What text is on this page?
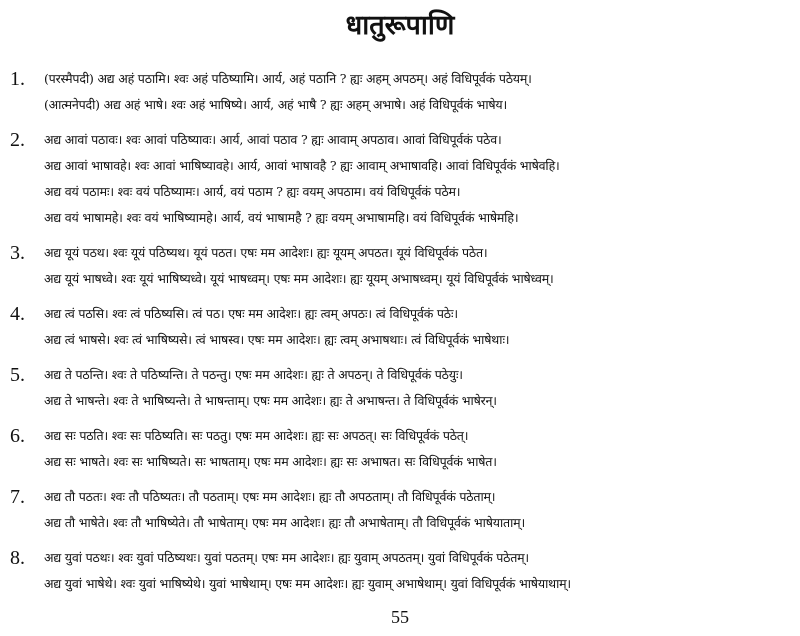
धातुरूपाणि
1.	(परस्मैपदी) अद्य अहं पठामि। श्वः अहं पठिष्यामि। आर्य, अहं पठानि ? ह्यः अहम् अपठम्। अहं विधिपूर्वकं पठेयम्।
(आत्मनेपदी) अद्य अहं भाषे। श्वः अहं भाषिष्ये। आर्य, अहं भाषै ? ह्यः अहम् अभाषे। अहं विधिपूर्वकं भाषेय।
2.	अद्य आवां पठावः। श्वः आवां पठिष्यावः। आर्य, आवां पठाव ? ह्यः आवाम् अपठाव। आवां विधिपूर्वकं पठेव।
अद्य आवां भाषावहे। श्वः आवां भाषिष्यावहे। आर्य, आवां भाषावहै ? ह्यः आवाम् अभाषावहि। आवां विधिपूर्वकं भाषेवहि।
अद्य वयं पठामः। श्वः वयं पठिष्यामः। आर्य, वयं पठाम ? ह्यः वयम् अपठाम। वयं विधिपूर्वकं पठेम।
अद्य वयं भाषामहे। श्वः वयं भाषिष्यामहे। आर्य, वयं भाषामहै ? ह्यः वयम् अभाषामहि। वयं विधिपूर्वकं भाषेमहि।
3.	अद्य यूयं पठथ। श्वः यूयं पठिष्यथ। यूयं पठत। एषः मम आदेशः। ह्यः यूयम् अपठत। यूयं विधिपूर्वकं पठेत।
अद्य यूयं भाषध्वे। श्वः यूयं भाषिष्यध्वे। यूयं भाषध्वम्। एषः मम आदेशः। ह्यः यूयम् अभाषध्वम्। यूयं विधिपूर्वकं भाषेध्वम्।
4.	अद्य त्वं पठसि। श्वः त्वं पठिष्यसि। त्वं पठ। एषः मम आदेशः। ह्यः त्वम् अपठः। त्वं विधिपूर्वकं पठेः।
अद्य त्वं भाषसे। श्वः त्वं भाषिष्यसे। त्वं भाषस्व। एषः मम आदेशः। ह्यः त्वम् अभाषथाः। त्वं विधिपूर्वकं भाषेथाः।
5.	अद्य ते पठन्ति। श्वः ते पठिष्यन्ति। ते पठन्तु। एषः मम आदेशः। ह्यः ते अपठन्। ते विधिपूर्वकं पठेयुः।
अद्य ते भाषन्ते। श्वः ते भाषिष्यन्ते। ते भाषन्ताम्। एषः मम आदेशः। ह्यः ते अभाषन्त। ते विधिपूर्वकं भाषेरन्।
6.	अद्य सः पठति। श्वः सः पठिष्यति। सः पठतु। एषः मम आदेशः। ह्यः सः अपठत्। सः विधिपूर्वकं पठेत्।
अद्य सः भाषते। श्वः सः भाषिष्यते। सः भाषताम्। एषः मम आदेशः। ह्यः सः अभाषत। सः विधिपूर्वकं भाषेत।
7.	अद्य तौ पठतः। श्वः तौ पठिष्यतः। तौ पठताम्। एषः मम आदेशः। ह्यः तौ अपठताम्। तौ विधिपूर्वकं पठेताम्।
अद्य तौ भाषेते। श्वः तौ भाषिष्येते। तौ भाषेताम्। एषः मम आदेशः। ह्यः तौ अभाषेताम्। तौ विधिपूर्वकं भाषेयाताम्।
8.	अद्य युवां पठथः। श्वः युवां पठिष्यथः। युवां पठतम्। एषः मम आदेशः। ह्यः युवाम् अपठतम्। युवां विधिपूर्वकं पठेतम्।
अद्य युवां भाषेथे। श्वः युवां भाषिष्येथे। युवां भाषेथाम्। एषः मम आदेशः। ह्यः युवाम् अभाषेथाम्। युवां विधिपूर्वकं भाषेयाथाम्।
55
